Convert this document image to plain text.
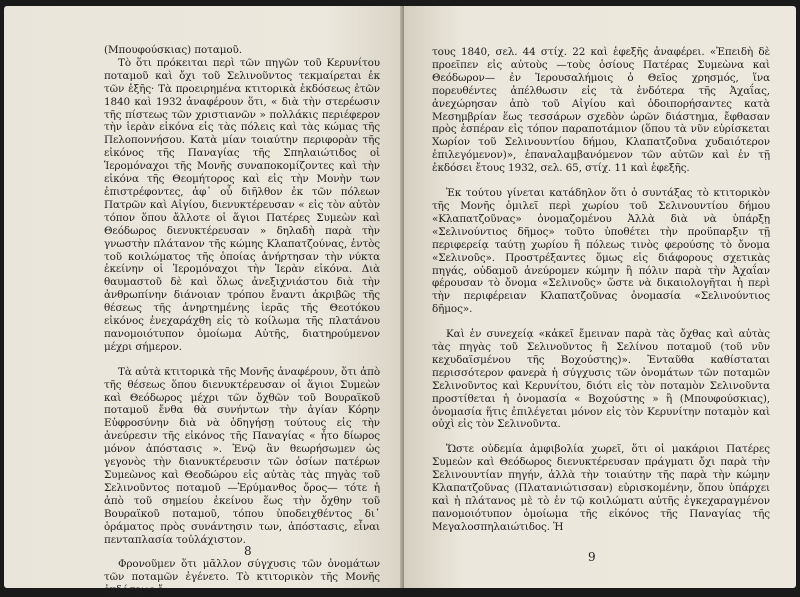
(Μπουφούσκιας) ποταμοῦ.

Τὸ ὅτι πρόκειται περὶ τῶν πηγῶν τοῦ Κερυνίτου ποταμοῦ καὶ ὄχι τοῦ Σελινοῦντος τεκμαίρεται ἐκ τῶν ἑξῆς· Τὰ προειρημένα κτιτορικὰ ἐκδόσεως ἐτῶν 1840 καὶ 1932 ἀναφέρουν ὅτι, « διὰ τὴν στερέωσιν τῆς πίστεως τῶν χριστιανῶν » πολλάκις περιέφερον τὴν ἱερὰν εἰκόνα εἰς τὰς πόλεις καὶ τὰς κώμας τῆς Πελοποννήσου. Κατὰ μίαν τοιαύτην περιφορὰν τῆς εἰκόνος τῆς Παναγίας τῆς Σπηλαιώτιδος οἱ Ἱερομόναχοι τῆς Μονῆς συναποκομίζοντες καὶ τὴν εἰκόνα τῆς Θεομήτορος καὶ εἰς τὴν Μονὴν των ἐπιστρέφοντες, ἀφ᾽ οὗ διῆλθον ἐκ τῶν πόλεων Πατρῶν καὶ Αἰγίου, διενυκτέρευσαν « εἰς τὸν αὐτὸν τόπον ὅπου ἄλλοτε οἱ ἅγιοι Πατέρες Συμεὼν καὶ Θεόδωρος διενυκτέρευσαν » δηλαδὴ παρὰ τὴν γνωστὴν πλάτανον τῆς κώμης Κλαπατζούνας, ἐντὸς τοῦ κοιλώματος τῆς ὁποίας ἀνήρτησαν τὴν νύκτα ἐκείνην οἱ Ἱερομόναχοι τὴν Ἱερὰν εἰκόνα. Διὰ θαυμαστοῦ δὲ καὶ ὅλως ἀνεξιχνιάστου διὰ τὴν ἀνθρωπίνην διάνοιαν τρόπου ἔναντι ἀκριβῶς τῆς θέσεως τῆς ἀνηρτημένης ἱερᾶς τῆς Θεοτόκου εἰκόνος ἐνεχαράχθη εἰς τὸ κοίλωμα τῆς πλατάνου πανομοιότυπον ὁμοίωμα Αὐτῆς, διατηρούμενον μέχρι σήμερον.

Τὰ αὐτὰ κτιτορικὰ τῆς Μονῆς ἀναφέρουν, ὅτι ἀπὸ τῆς θέσεως ὅπου διενυκτέρευσαν οἱ ἅγιοι Συμεὼν καὶ Θεόδωρος μέχρι τῶν ὄχθῶν τοῦ Βουραϊκοῦ ποταμοῦ ἔνθα θὰ συνήντων τὴν ἁγίαν Κόρην Εὐφροσύνην διὰ νὰ ὁδηγήσῃ τούτους εἰς τὴν ἀνεύρεσιν τῆς εἰκόνος τῆς Παναγίας « ἦτο δίωρος μόνον ἀπόστασις ». Ἐνῷ ἂν θεωρήσωμεν ὡς γεγονὸς τὴν διανυκτέρευσιν τῶν ὁσίων πατέρων Συμεὼνος καὶ Θεοδώρου εἰς αὐτὰς τὰς πηγὰς τοῦ Σελινοῦντος ποταμοῦ —Ἐρύμανθος ὄρος— τότε ἡ ἀπὸ τοῦ σημείου ἐκείνου ἕως τὴν ὄχθην τοῦ Βουραϊκοῦ ποταμοῦ, τόπου ὑποδειχθέντος δι᾽ ὁράματος πρὸς συνάντησιν των, ἀπόστασις, εἶναι πενταπλασία τοὐλάχιστον.

Φρονοῦμεν ὅτι μᾶλλον σύγχυσις τῶν ὀνομάτων τῶν ποταμῶν ἐγένετο. Τὸ κτιτορικὸν τῆς Μονῆς ἐκδόσεως ἔ-

8

τους 1840, σελ. 44 στίχ. 22 καὶ ἑφεξῆς ἀναφέρει. «Ἐπειδὴ δὲ προεῖπεν εἰς αὐτοὺς —τοὺς ὁσίους Πατέρας Συμεὼνα καὶ Θεόδωρον— ἐν Ἱερουσαλήμοις ὁ Θεῖος χρησμός, ἵνα πορευθέντες ἀπέλθωσιν εἰς τὰ ἐνδότερα τῆς Ἀχαΐας, ἀνεχώρησαν ἀπὸ τοῦ Αἰγίου καὶ ὁδοιπορήσαντες κατὰ Μεσημβρίαν ἕως τεσσάρων σχεδὸν ὡρῶν διάστημα, ἔφθασαν πρὸς ἑσπέραν εἰς τόπον παραποτάμιον (ὅπου τὰ νῦν εὑρίσκεται Χωρίον τοῦ Σελινουντίου δήμου, Κλαπατζοῦνα χυδαιότερον ἐπιλεγόμενον)», ἐπαναλαμβανόμενον τῶν αὐτῶν καὶ ἐν τῇ ἐκδόσει ἔτους 1932, σελ. 65, στίχ. 11 καὶ ἑφεξῆς.

Ἐκ τούτου γίνεται κατάδηλον ὅτι ὁ συντάξας τὸ κτιτορικὸν τῆς Μονῆς ὁμιλεῖ περὶ χωρίου τοῦ Σελινουντίου δήμου «Κλαπατζοῦνας» ὀνομαζομένου Ἀλλὰ διὰ νὰ ὑπάρξῃ «Σελινούντιος δῆμος» τοῦτο ὑποθέτει τὴν προϋπαρξιν τῇ περιφερείᾳ ταύτῃ χωρίου ἢ πόλεως τινὸς φερούσης τὸ ὄνομα «Σελινοῦς». Προστρέξαντες ὅμως εἰς διάφορους σχετικὰς πηγάς, οὐδαμοῦ ἀνεύρομεν κώμην ἢ πόλιν παρὰ τὴν Ἀχαΐαν φέρουσαν τὸ ὄνομα «Σελινοῦς» ὥστε νὰ δικαιολογῆται ἡ περὶ τὴν περιφέρειαν Κλαπατζοῦνας ὀνομασία «Σελινούντιος δῆμος».

Καὶ ἐν συνεχείᾳ «κἀκεῖ ἔμειναν παρὰ τὰς ὄχθας καὶ αὐτὰς τὰς πηγὰς τοῦ Σελινοῦντος ἢ Σελίνου ποταμοῦ (τοῦ νῦν κεχυδαϊσμένου τῆς Βοχούστης)». Ἐνταῦθα καθίσταται περισσότερον φανερὰ ἡ σύγχυσις τῶν ὀνομάτων τῶν ποταμῶν Σελινοῦντος καὶ Κερυνίτου, διότι εἰς τὸν ποταμὸν Σελινοῦντα προστίθεται ἡ ὀνομασία « Βοχούστης » ἢ (Μπουφούσκιας), ὀνομασία ἥτις ἐπιλέγεται μόνον εἰς τὸν Κερυνίτην ποταμὸν καὶ οὐχὶ εἰς τὸν Σελινοῦντα.

Ὥστε οὐδεμία ἀμφιβολία χωρεῖ, ὅτι οἱ μακάριοι Πατέρες Συμεὼν καὶ Θεόδωρος διενυκτέρευσαν πράγματι ὄχι παρὰ τὴν Σελινουντίαν πηγήν, ἀλλὰ τὴν τοιαύτην τῆς παρὰ τὴν κώμην Κλαπατζοῦνας (Πλατανιώτισσαν) εὑρισκομένην, ὅπου ὑπάρχει καὶ ἡ πλάτανος μὲ τὸ ἐν τῷ κοιλώματι αὐτῆς ἐγκεχαραγμένον πανομοιότυπον ὁμοίωμα τῆς εἰκόνος τῆς Παναγίας τῆς Μεγαλοσπηλαιώτιδος. Ἡ

9
